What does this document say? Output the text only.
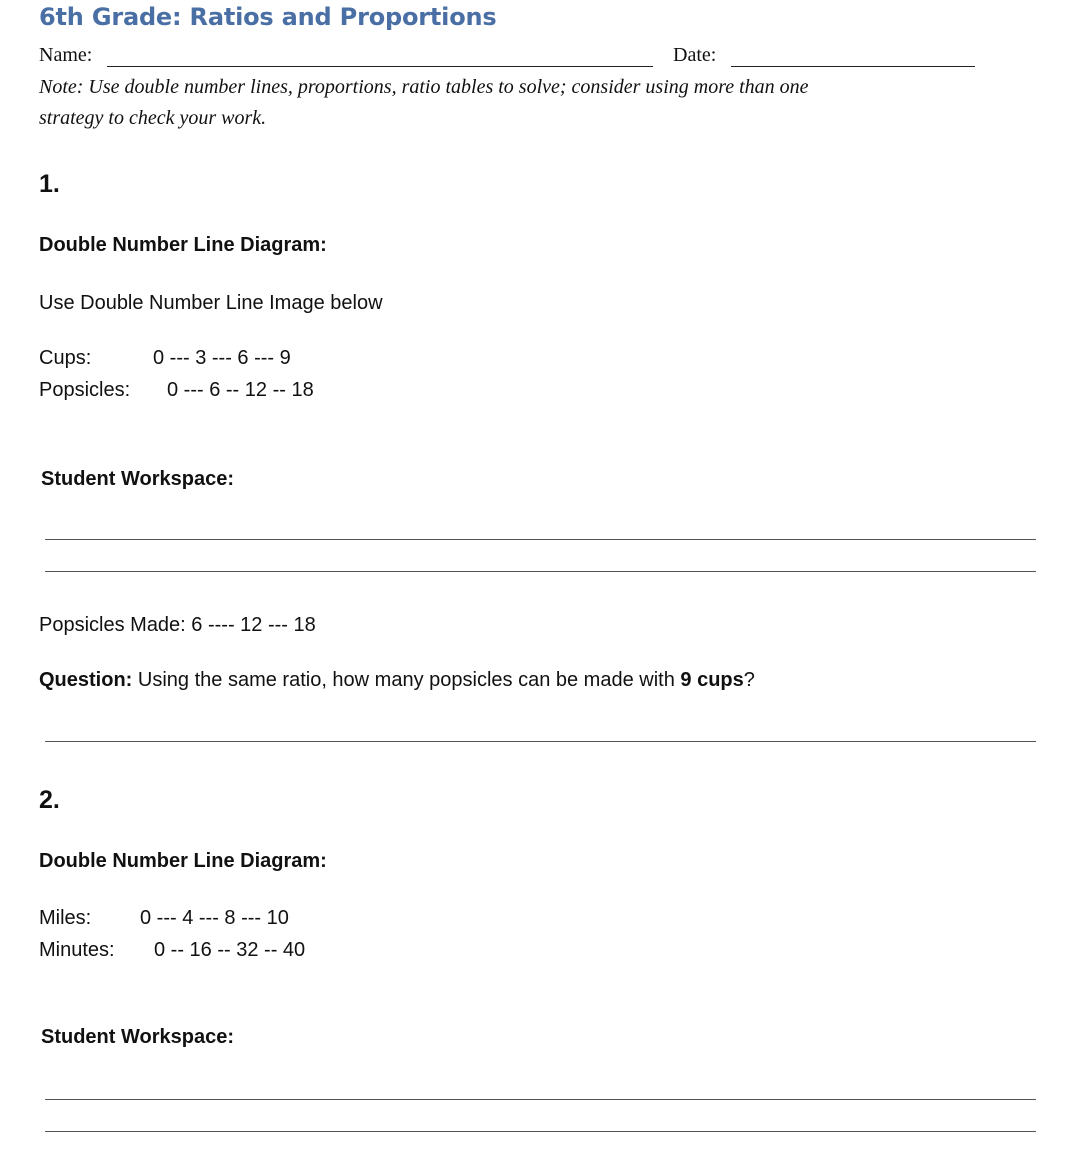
6th Grade: Ratios and Proportions
Name:	Date:
Note: Use double number lines, proportions, ratio tables to solve; consider using more than one
strategy to check your work.
1.
Double Number Line Diagram:
Use Double Number Line Image below
Cups:	0 --- 3 --- 6 --- 9
Popsicles: 0 --- 6 -- 12 -- 18
Student Workspace:
Popsicles Made: 6 ---- 12 --- 18
Question: Using the same ratio, how many popsicles can be made with 9 cups?
2.
Double Number Line Diagram:
Miles: 0 --- 4 --- 8 --- 10
Minutes: 0 -- 16 -- 32 -- 40
Student Workspace:
